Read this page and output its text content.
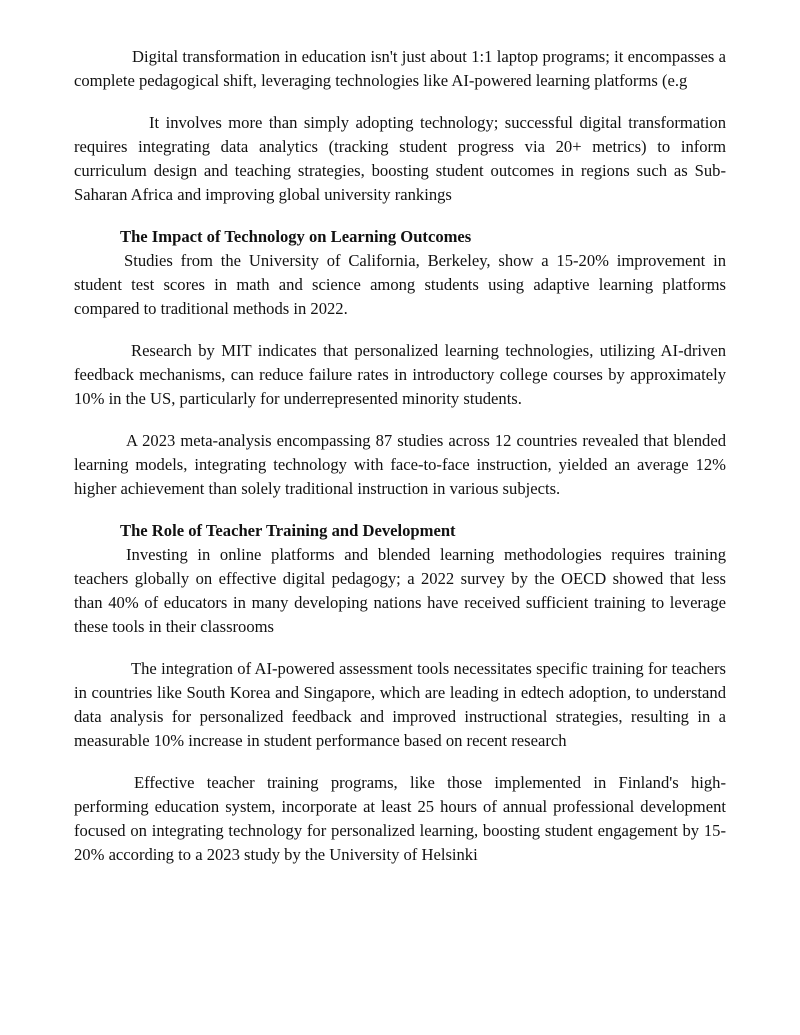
Digital transformation in education isn't just about 1:1 laptop programs; it encompasses a complete pedagogical shift, leveraging technologies like AI-powered learning platforms (e.g

It involves more than simply adopting technology; successful digital transformation requires integrating data analytics (tracking student progress via 20+ metrics) to inform curriculum design and teaching strategies, boosting student outcomes in regions such as Sub-Saharan Africa and improving global university rankings

The Impact of Technology on Learning Outcomes

Studies from the University of California, Berkeley, show a 15-20% improvement in student test scores in math and science among students using adaptive learning platforms compared to traditional methods in 2022.

Research by MIT indicates that personalized learning technologies, utilizing AI-driven feedback mechanisms, can reduce failure rates in introductory college courses by approximately 10% in the US, particularly for underrepresented minority students.

A 2023 meta-analysis encompassing 87 studies across 12 countries revealed that blended learning models, integrating technology with face-to-face instruction, yielded an average 12% higher achievement than solely traditional instruction in various subjects.

The Role of Teacher Training and Development

Investing in online platforms and blended learning methodologies requires training teachers globally on effective digital pedagogy; a 2022 survey by the OECD showed that less than 40% of educators in many developing nations have received sufficient training to leverage these tools in their classrooms

The integration of AI-powered assessment tools necessitates specific training for teachers in countries like South Korea and Singapore, which are leading in edtech adoption, to understand data analysis for personalized feedback and improved instructional strategies, resulting in a measurable 10% increase in student performance based on recent research

Effective teacher training programs, like those implemented in Finland's high-performing education system, incorporate at least 25 hours of annual professional development focused on integrating technology for personalized learning, boosting student engagement by 15-20% according to a 2023 study by the University of Helsinki
